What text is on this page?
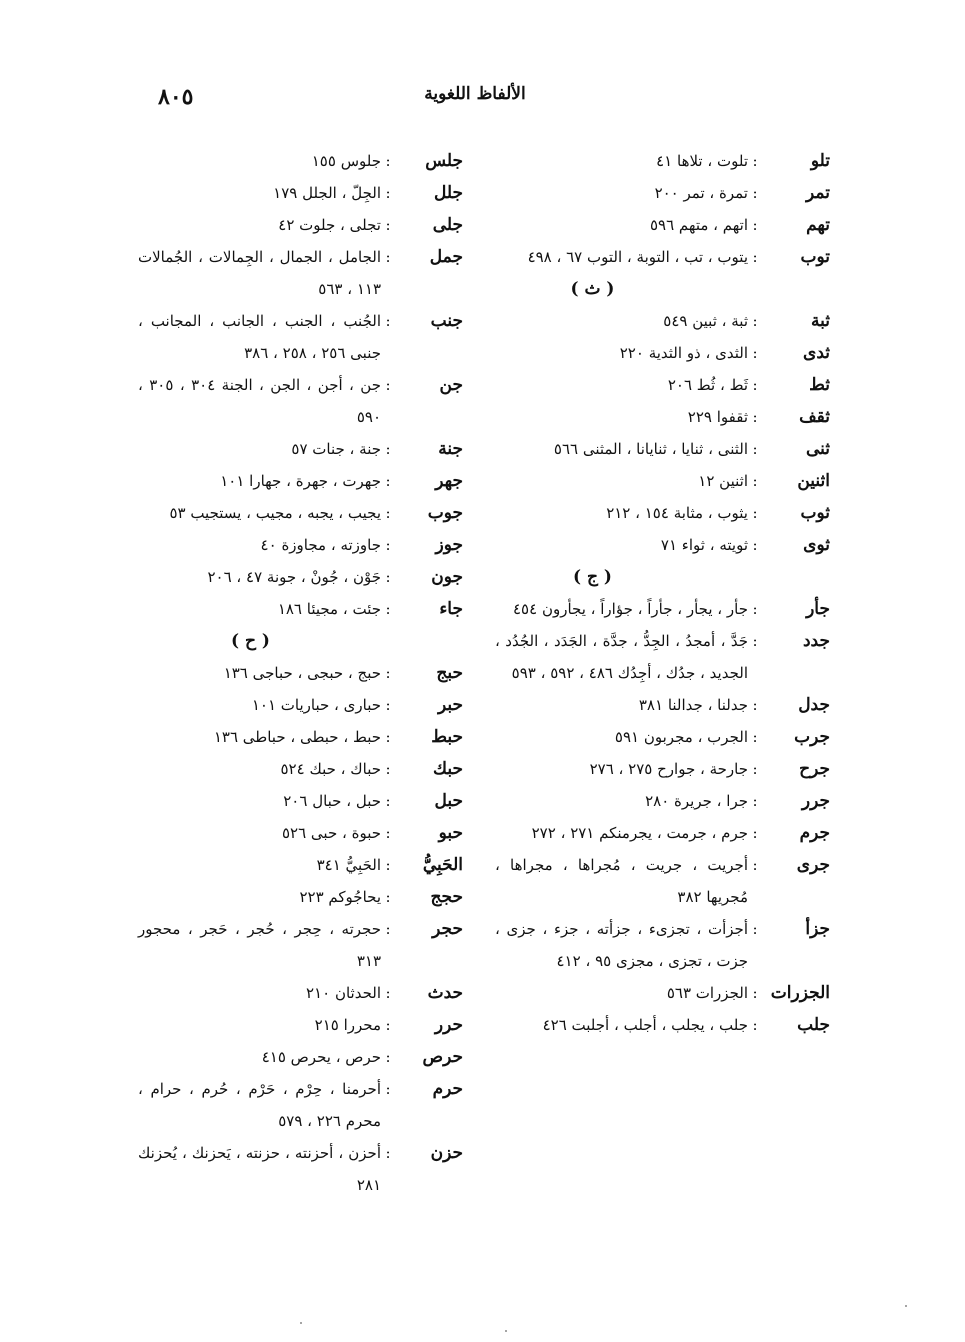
٨٠٥	الألفاظ اللغوية
تلو
:
تلوت ، تلاها ٤١
تمر
:
تمرة ، تمر ٢٠٠
تهم
:
اتهم ، متهم ٥٩٦
توب
:
يتوب ، تب ، التوبة ، التوب ٦٧ ، ٤٩٨
( ث )
ثبة
:
ثبة ، ثبين ٥٤٩
ثدى
:
الثدى ، ذو الثدية ٢٢٠
ثط
:
ثَط ، ثُط ٢٠٦
ثقف
:
ثقفوا ٢٢٩
ثنى
:
الثنى ، ثنايا ، ثنايانا ، المثنى ٥٦٦
اثنين
:
اثنين ١٢
ثوب
:
يثوب ، مثابة ١٥٤ ، ٢١٢
ثوى
:
ثويته ، ثواء ٧١
( ج )
جأر
:
جأر ، يجأر ، جأراً ، جؤاراً ، يجأرون ٤٥٤
جدد
:
جَدَّ ، أمجدُ ، الجِدُّ ، جدَّة ، الجَدَد ، الجُدُد ، الجديد ، جدُك ، أجِدُك ٤٨٦ ، ٥٩٢ ، ٥٩٣
جدل
:
جدلنا ، جدالنا ٣٨١
جرب
:
الجرب ، مجربون ٥٩١
جرح
:
جارحة ، جوارح ٢٧٥ ، ٢٧٦
جرر
:
جرا ، جريرة ٢٨٠
جرم
:
جرم ، جرمت ، يجرمنكم ٢٧١ ، ٢٧٢
جرى
:
أجريت ، جريت ، مُجراها ، مجراها ، مُجريها ٣٨٢
جزأ
:
أجزأت ، تجزىء ، جزأته ، جزء ، جزى ، جزت ، تجزى ، مجزى ٩٥ ، ٤١٢
الجزرات
:
الجزرات ٥٦٣
جلب
:
جلب ، يجلب ، أجلب ، أجلبت ٤٢٦
جلس
:
جلوس ١٥٥
جلل
:
الجِلّ ، الجلل ١٧٩
جلى
:
تجلى ، جلوت ٤٢
جمل
:
الجامل ، الجمال ، الجِمالات ، الجُمالات ١١٣ ، ٥٦٣
جنب
:
الجُنب ، الجنب ، الجانب ، المجانب ، جنبى ٢٥٦ ، ٢٥٨ ، ٣٨٦
جن
:
جن ، أجن ، الجن ، الجنة ٣٠٤ ، ٣٠٥ ، ٥٩٠
جنة
:
جنة ، جنات ٥٧
جهر
:
جهرت ، جهرة ، جهارا ١٠١
جوب
:
يجيب ، يجبه ، مجيب ، يستجيب ٥٣
جوز
:
جاوزته ، مجاوزة ٤٠
جون
:
جَوْن ، جُونْ ، جونة ٤٧ ، ٢٠٦
جاء
:
جئت ، مجيئا ١٨٦
( ح )
حبج
:
حبج ، حبجى ، حباجى ١٣٦
حبر
:
حبارى ، حباريات ١٠١
حبط
:
حبط ، حبطى ، حباطى ١٣٦
حبك
:
حباك ، حبك ٥٢٤
حبل
:
حبل ، حبال ٢٠٦
حبو
:
حبوة ، حبى ٥٢٦
الحَبِيُّ
:
الحَبِيُّ ٣٤١
حجج
:
يحاجُوكم ٢٢٣
حجر
:
حجرته ، حِجر ، حُجر ، حَجر ، محجور ٣١٣
حدث
:
الحدثان ٢١٠
حرر
:
محررا ٢١٥
حرص
:
حرص ، يحرص ٤١٥
حرم
:
أحرمنا ، حِرْم ، حَرْم ، حُرم ، حرام ، محرم ٢٢٦ ، ٥٧٩
حزن
:
أحزن ، أحزنته ، حزنته ، يَحزنك ، يُحزنك ٢٨١
